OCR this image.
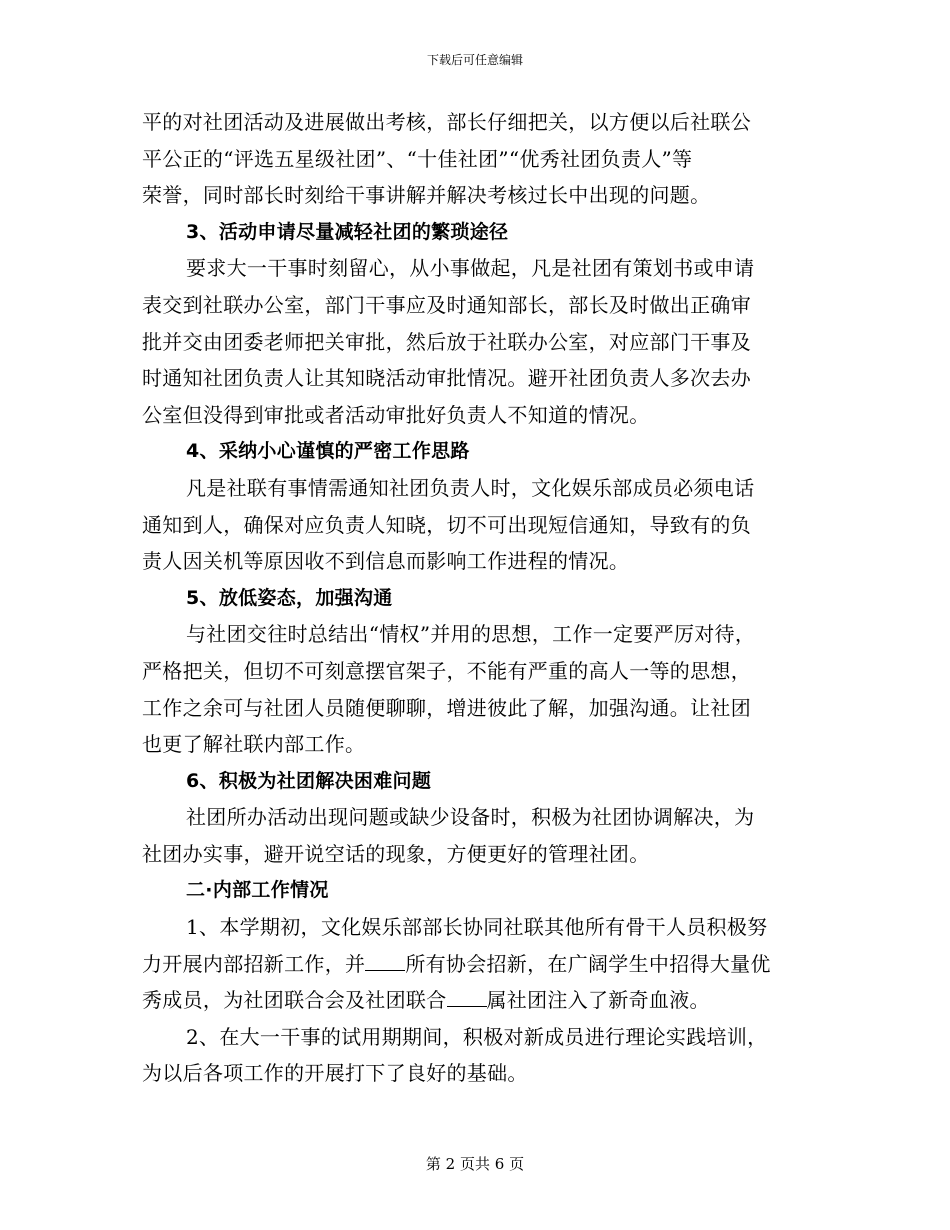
下载后可任意编辑
平的对社团活动及进展做出考核，部长仔细把关，以方便以后社联公
平公正的“评选五星级社团”、“十佳社团”“优秀社团负责人”等
荣誉，同时部长时刻给干事讲解并解决考核过长中出现的问题。
3、活动申请尽量减轻社团的繁琐途径
要求大一干事时刻留心，从小事做起，凡是社团有策划书或申请
表交到社联办公室，部门干事应及时通知部长，部长及时做出正确审
批并交由团委老师把关审批，然后放于社联办公室，对应部门干事及
时通知社团负责人让其知晓活动审批情况。避开社团负责人多次去办
公室但没得到审批或者活动审批好负责人不知道的情况。
4、采纳小心谨慎的严密工作思路
凡是社联有事情需通知社团负责人时，文化娱乐部成员必须电话
通知到人，确保对应负责人知晓，切不可出现短信通知，导致有的负
责人因关机等原因收不到信息而影响工作进程的情况。
5、放低姿态，加强沟通
与社团交往时总结出“情权”并用的思想，工作一定要严厉对待，
严格把关，但切不可刻意摆官架子，不能有严重的高人一等的思想，
工作之余可与社团人员随便聊聊，增进彼此了解，加强沟通。让社团
也更了解社联内部工作。
6、积极为社团解决困难问题
社团所办活动出现问题或缺少设备时，积极为社团协调解决，为
社团办实事，避开说空话的现象，方便更好的管理社团。
二·内部工作情况
1、本学期初，文化娱乐部部长协同社联其他所有骨干人员积极努
力开展内部招新工作，并 所有协会招新，在广阔学生中招得大量优
秀成员，为社团联合会及社团联合 属社团注入了新奇血液。
2、在大一干事的试用期期间，积极对新成员进行理论实践培训，
为以后各项工作的开展打下了良好的基础。
第 2 页共 6 页
